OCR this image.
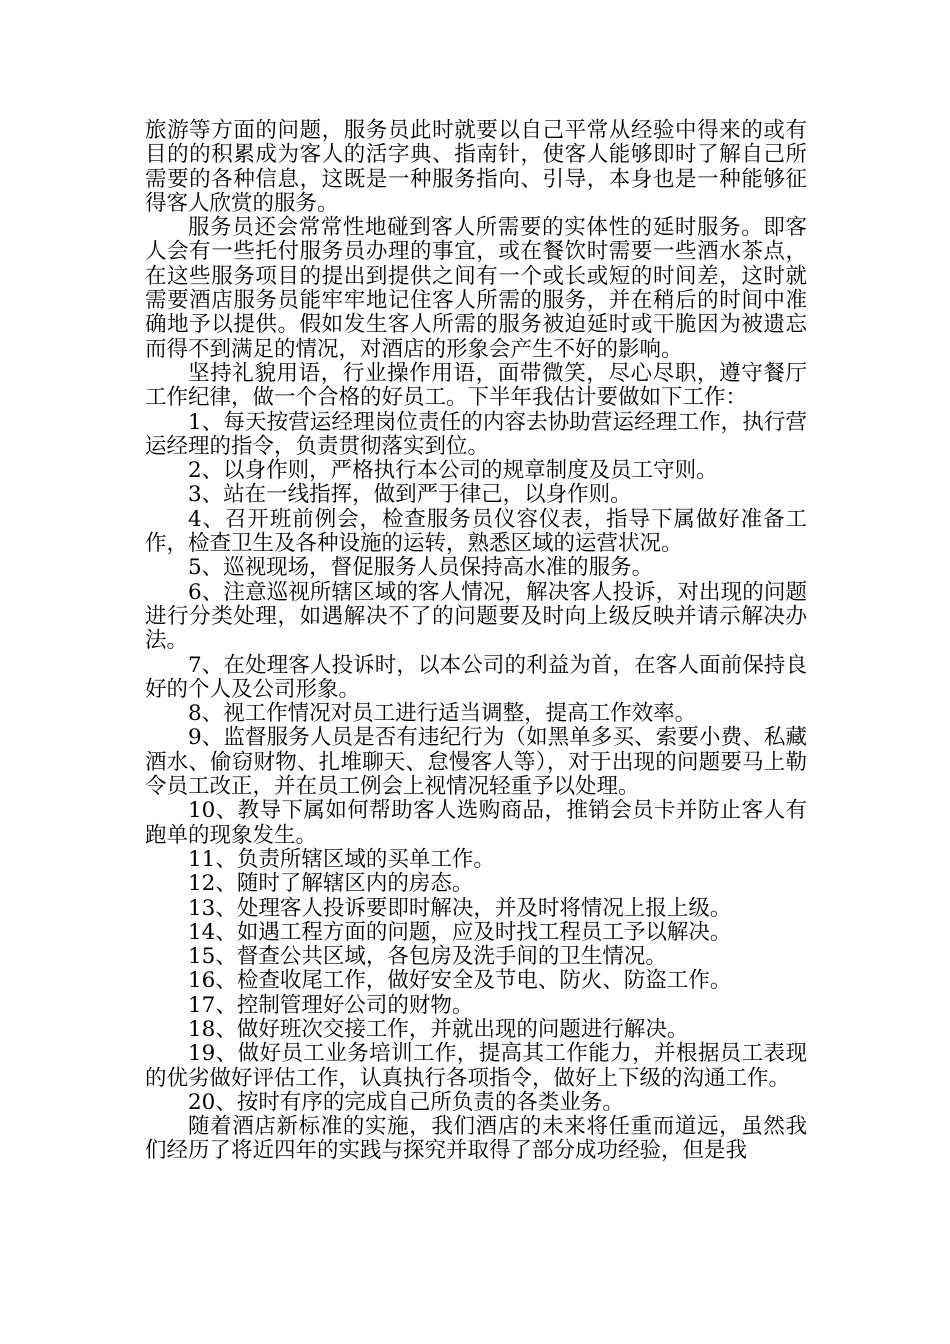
旅游等方面的问题，服务员此时就要以自己平常从经验中得来的或有目的的积累成为客人的活字典、指南针，使客人能够即时了解自己所需要的各种信息，这既是一种服务指向、引导，本身也是一种能够征得客人欣赏的服务。

服务员还会常常性地碰到客人所需要的实体性的延时服务。即客人会有一些托付服务员办理的事宜，或在餐饮时需要一些酒水茶点，在这些服务项目的提出到提供之间有一个或长或短的时间差，这时就需要酒店服务员能牢牢地记住客人所需的服务，并在稍后的时间中准确地予以提供。假如发生客人所需的服务被迫延时或干脆因为被遗忘而得不到满足的情况，对酒店的形象会产生不好的影响。

坚持礼貌用语，行业操作用语，面带微笑，尽心尽职，遵守餐厅工作纪律，做一个合格的好员工。下半年我估计要做如下工作：

1、每天按营运经理岗位责任的内容去协助营运经理工作，执行营运经理的指令，负责贯彻落实到位。

2、以身作则，严格执行本公司的规章制度及员工守则。

3、站在一线指挥，做到严于律己，以身作则。

4、召开班前例会，检查服务员仪容仪表，指导下属做好准备工作，检查卫生及各种设施的运转，熟悉区域的运营状况。

5、巡视现场，督促服务人员保持高水准的服务。

6、注意巡视所辖区域的客人情况，解决客人投诉，对出现的问题进行分类处理，如遇解决不了的问题要及时向上级反映并请示解决办法。

7、在处理客人投诉时，以本公司的利益为首，在客人面前保持良好的个人及公司形象。

8、视工作情况对员工进行适当调整，提高工作效率。

9、监督服务人员是否有违纪行为（如黑单多买、索要小费、私藏酒水、偷窃财物、扎堆聊天、怠慢客人等），对于出现的问题要马上勒令员工改正，并在员工例会上视情况轻重予以处理。

10、教导下属如何帮助客人选购商品，推销会员卡并防止客人有跑单的现象发生。

11、负责所辖区域的买单工作。

12、随时了解辖区内的房态。

13、处理客人投诉要即时解决，并及时将情况上报上级。

14、如遇工程方面的问题，应及时找工程员工予以解决。

15、督查公共区域，各包房及洗手间的卫生情况。

16、检查收尾工作，做好安全及节电、防火、防盗工作。

17、控制管理好公司的财物。

18、做好班次交接工作，并就出现的问题进行解决。

19、做好员工业务培训工作，提高其工作能力，并根据员工表现的优劣做好评估工作，认真执行各项指令，做好上下级的沟通工作。

20、按时有序的完成自己所负责的各类业务。

随着酒店新标准的实施，我们酒店的未来将任重而道远，虽然我们经历了将近四年的实践与探究并取得了部分成功经验，但是我
